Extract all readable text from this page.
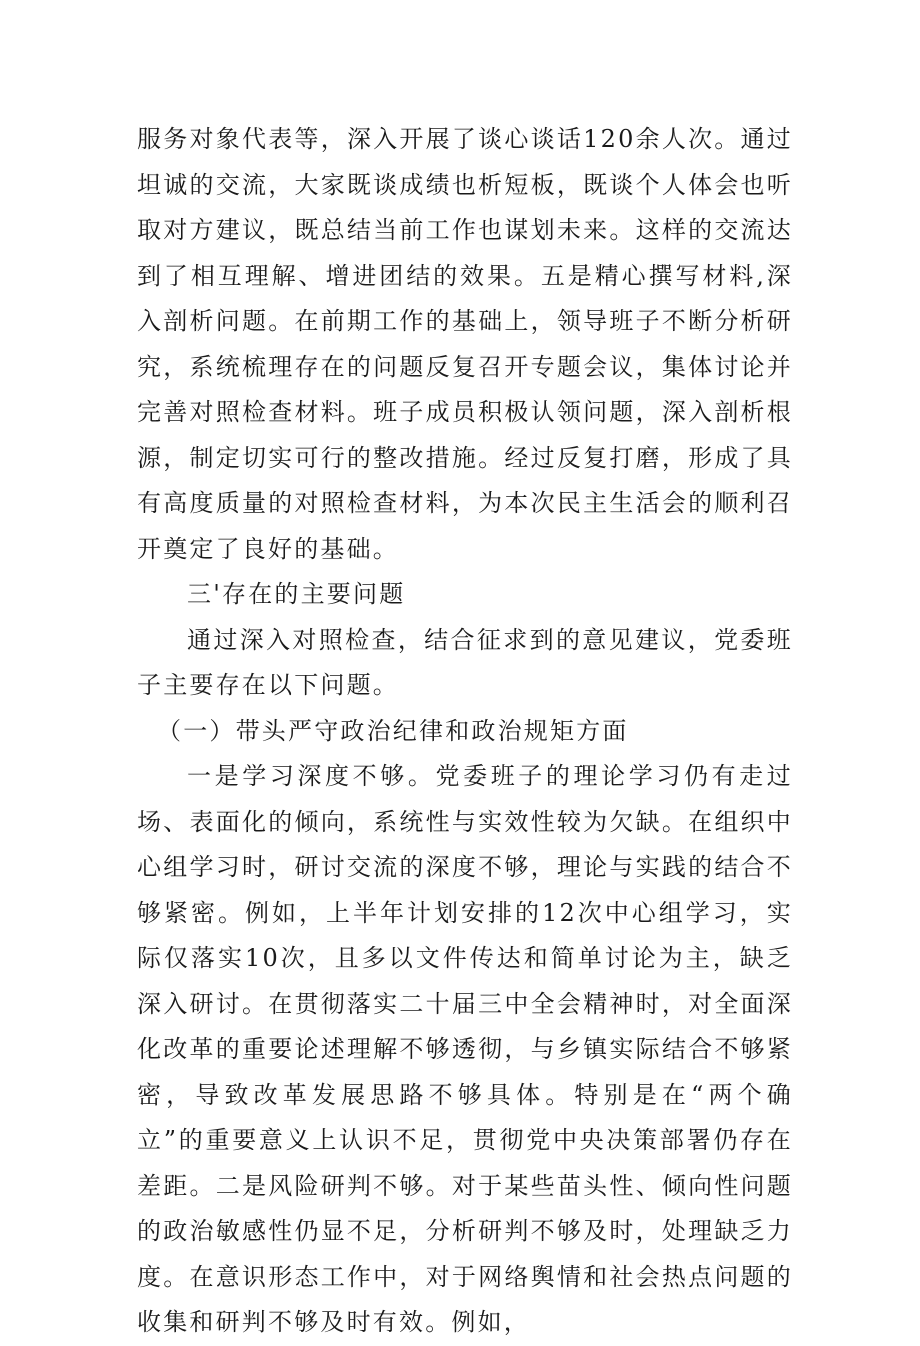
服务对象代表等，深入开展了谈心谈话120余人次。通过坦诚的交流，大家既谈成绩也析短板，既谈个人体会也听取对方建议，既总结当前工作也谋划未来。这样的交流达到了相互理解、增进团结的效果。五是精心撰写材料,深入剖析问题。在前期工作的基础上，领导班子不断分析研究，系统梳理存在的问题反复召开专题会议，集体讨论并完善对照检查材料。班子成员积极认领问题，深入剖析根源，制定切实可行的整改措施。经过反复打磨，形成了具有高度质量的对照检查材料，为本次民主生活会的顺利召开奠定了良好的基础。

三'存在的主要问题

通过深入对照检查，结合征求到的意见建议，党委班子主要存在以下问题。

（一）带头严守政治纪律和政治规矩方面

一是学习深度不够。党委班子的理论学习仍有走过场、表面化的倾向，系统性与实效性较为欠缺。在组织中心组学习时，研讨交流的深度不够，理论与实践的结合不够紧密。例如，上半年计划安排的12次中心组学习，实际仅落实10次，且多以文件传达和简单讨论为主，缺乏深入研讨。在贯彻落实二十届三中全会精神时，对全面深化改革的重要论述理解不够透彻，与乡镇实际结合不够紧密，导致改革发展思路不够具体。特别是在“两个确立”的重要意义上认识不足，贯彻党中央决策部署仍存在差距。二是风险研判不够。对于某些苗头性、倾向性问题的政治敏感性仍显不足，分析研判不够及时，处理缺乏力度。在意识形态工作中，对于网络舆情和社会热点问题的收集和研判不够及时有效。例如，
